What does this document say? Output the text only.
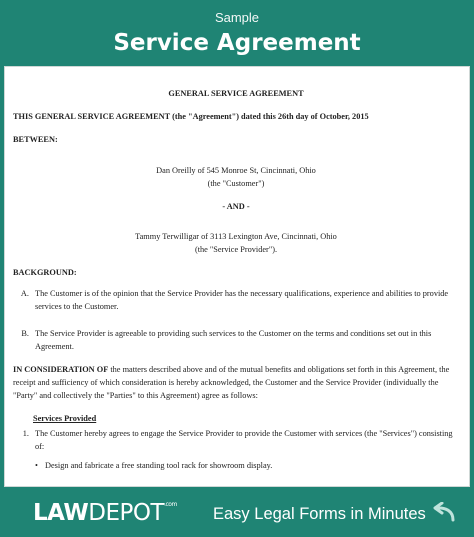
Sample
Service Agreement
GENERAL SERVICE AGREEMENT
THIS GENERAL SERVICE AGREEMENT (the "Agreement") dated this 26th day of October, 2015
BETWEEN:
Dan Oreilly of 545 Monroe St, Cincinnati, Ohio
(the "Customer")
- AND -
Tammy Terwilligar of 3113 Lexington Ave, Cincinnati, Ohio
(the "Service Provider").
BACKGROUND:
A. The Customer is of the opinion that the Service Provider has the necessary qualifications, experience and abilities to provide services to the Customer.
B. The Service Provider is agreeable to providing such services to the Customer on the terms and conditions set out in this Agreement.
IN CONSIDERATION OF the matters described above and of the mutual benefits and obligations set forth in this Agreement, the receipt and sufficiency of which consideration is hereby acknowledged, the Customer and the Service Provider (individually the "Party" and collectively the "Parties" to this Agreement) agree as follows:
Services Provided
1. The Customer hereby agrees to engage the Service Provider to provide the Customer with services (the "Services") consisting of:
• Design and fabricate a free standing tool rack for showroom display.
$LAWDEPOT^{.com}$
Easy Legal Forms in Minutes
